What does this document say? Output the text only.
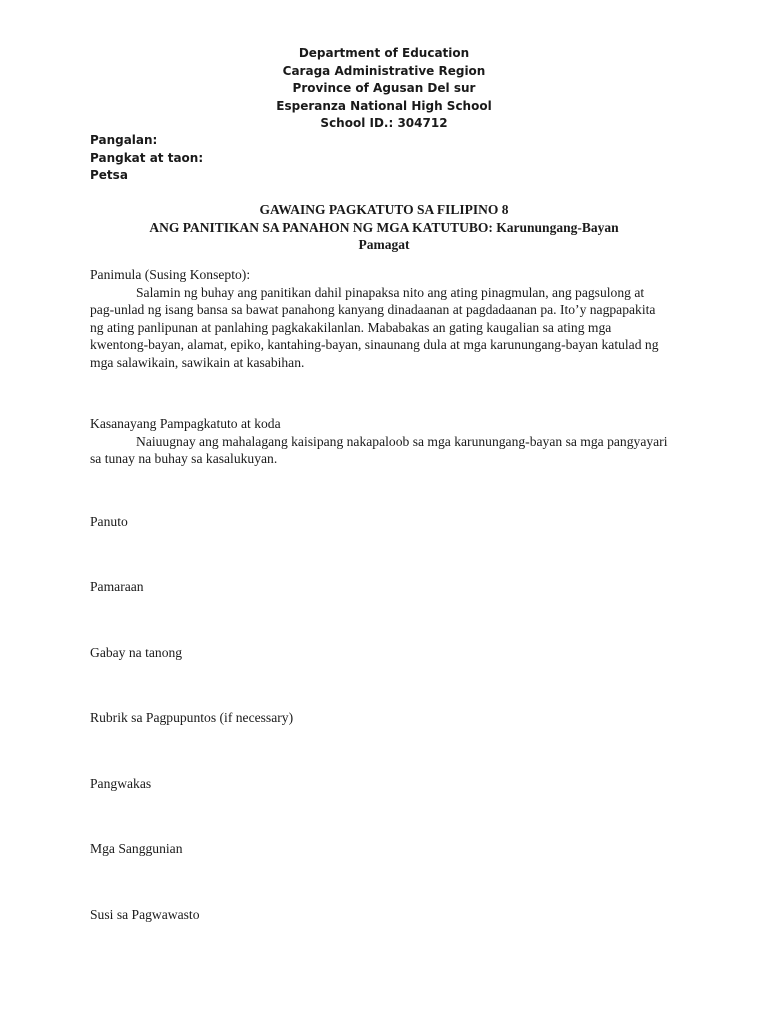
Department of Education
Caraga Administrative Region
Province of Agusan Del sur
Esperanza National High School
School ID.: 304712
Pangalan:
Pangkat at taon:
Petsa
GAWAING PAGKATUTO SA FILIPINO 8
ANG PANITIKAN SA PANAHON NG MGA KATUTUBO: Karunungang-Bayan
Pamagat
Panimula (Susing Konsepto):
Salamin ng buhay ang panitikan dahil pinapaksa nito ang ating pinagmulan, ang pagsulong at
pag-unlad ng isang bansa sa bawat panahong kanyang dinadaanan at pagdadaanan pa. Ito’y nagpapakita
ng ating panlipunan at panlahing pagkakakilanlan. Mababakas an gating kaugalian sa ating mga
kwentong-bayan, alamat, epiko, kantahing-bayan, sinaunang dula at mga karunungang-bayan katulad ng
mga salawikain, sawikain at kasabihan.
Kasanayang Pampagkatuto at koda
Naiuugnay ang mahalagang kaisipang nakapaloob sa mga karunungang-bayan sa mga pangyayari
sa tunay na buhay sa kasalukuyan.
Panuto
Pamaraan
Gabay na tanong
Rubrik sa Pagpupuntos (if necessary)
Pangwakas
Mga Sanggunian
Susi sa Pagwawasto
